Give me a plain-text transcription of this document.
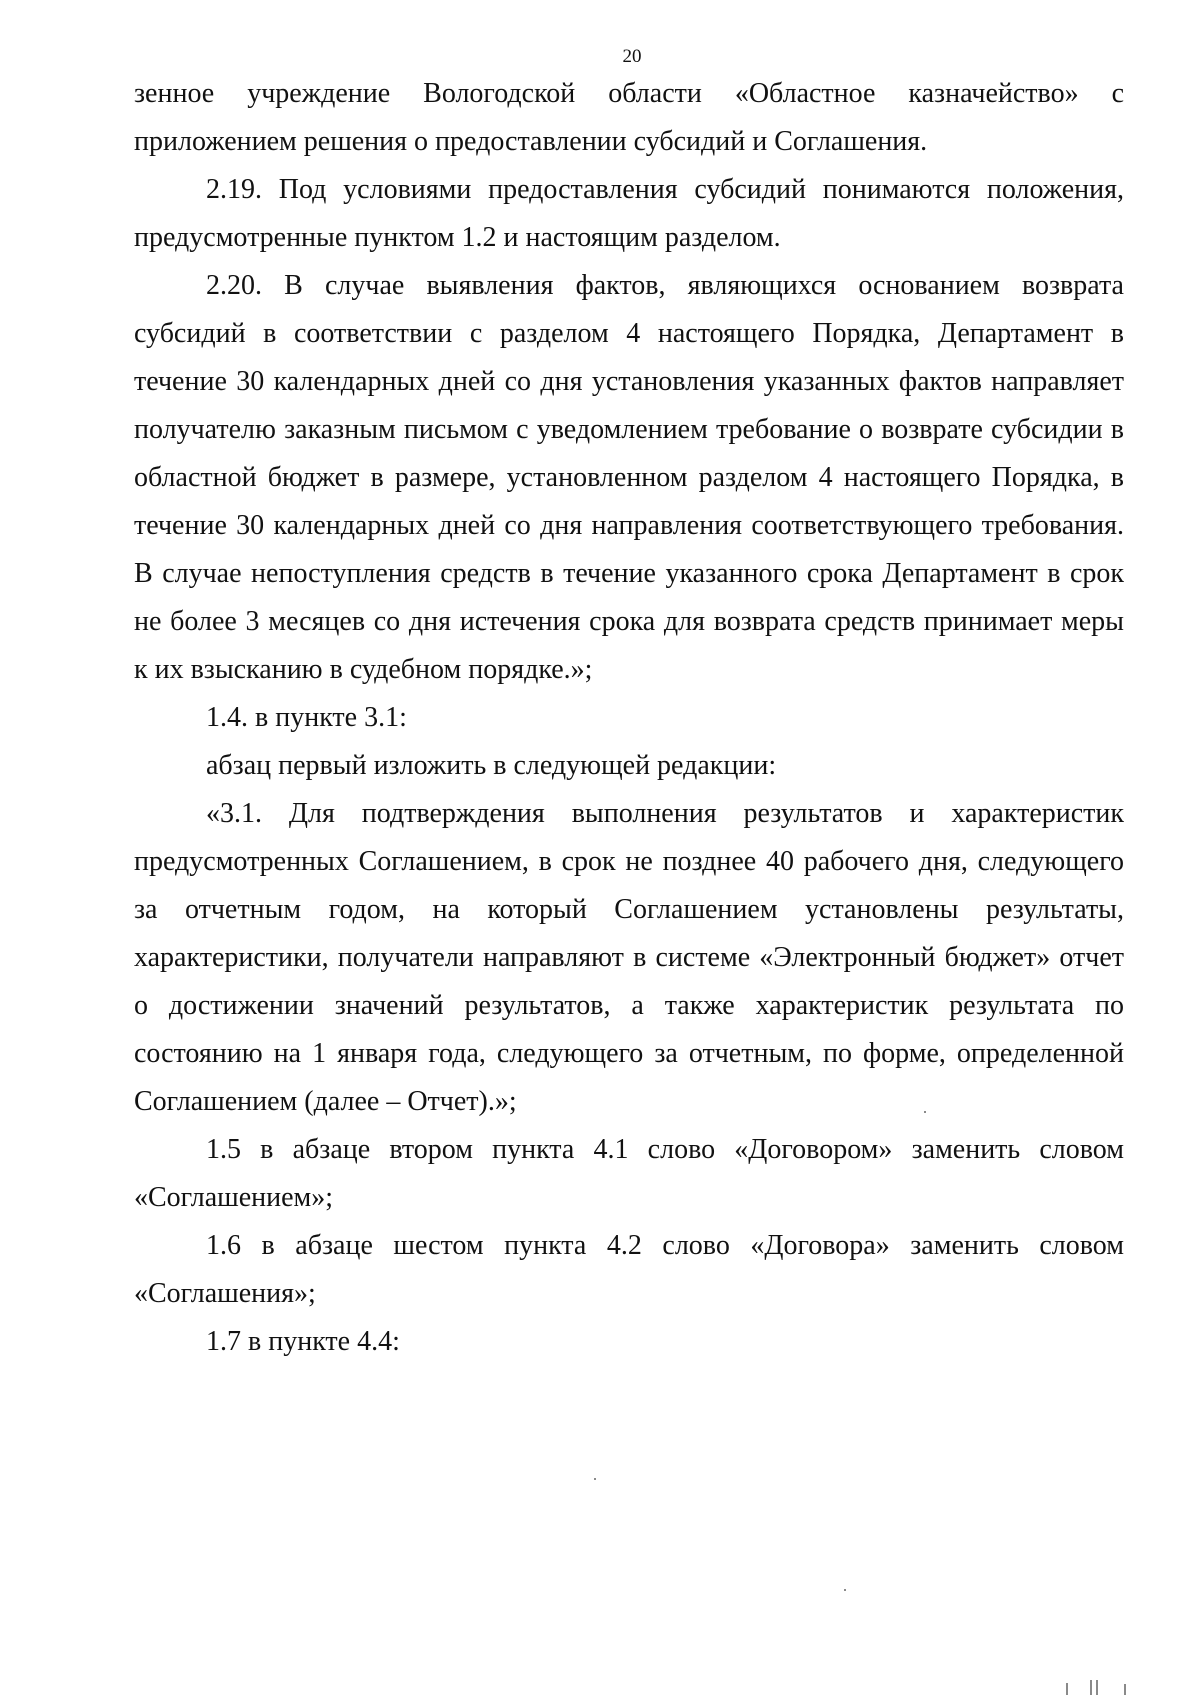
20

зенное учреждение Вологодской области «Областное казначейство» с приложением решения о предоставлении субсидий и Соглашения.

2.19. Под условиями предоставления субсидий понимаются положения, предусмотренные пунктом 1.2 и настоящим разделом.

2.20. В случае выявления фактов, являющихся основанием возврата субсидий в соответствии с разделом 4 настоящего Порядка, Департамент в течение 30 календарных дней со дня установления указанных фактов направляет получателю заказным письмом с уведомлением требование о возврате субсидии в областной бюджет в размере, установленном разделом 4 настоящего Порядка, в течение 30 календарных дней со дня направления соответствующего требования. В случае непоступления средств в течение указанного срока Департамент в срок не более 3 месяцев со дня истечения срока для возврата средств принимает меры к их взысканию в судебном порядке.»;

1.4. в пункте 3.1:

абзац первый изложить в следующей редакции:

«3.1. Для подтверждения выполнения результатов и характеристик предусмотренных Соглашением, в срок не позднее 40 рабочего дня, следующего за отчетным годом, на который Соглашением установлены результаты, характеристики, получатели направляют в системе «Электронный бюджет» отчет о достижении значений результатов, а также характеристик результата по состоянию на 1 января года, следующего за отчетным, по форме, определенной Соглашением (далее – Отчет).»;

1.5 в абзаце втором пункта 4.1 слово «Договором» заменить словом «Соглашением»;

1.6 в абзаце шестом пункта 4.2 слово «Договора» заменить словом «Соглашения»;

1.7 в пункте 4.4:
